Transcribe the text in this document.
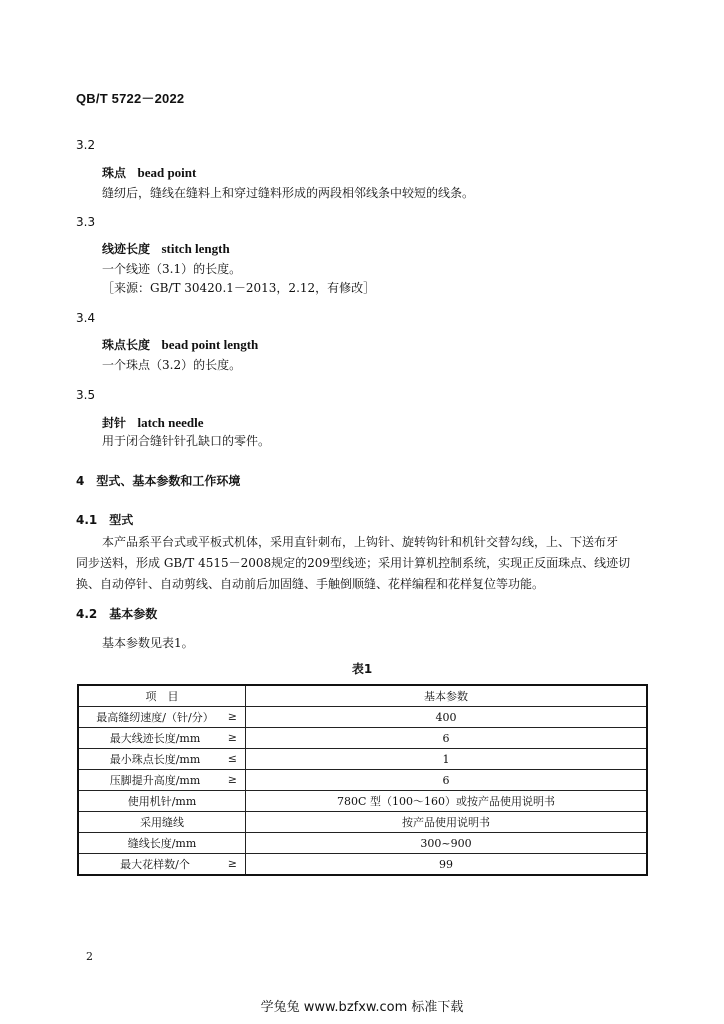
QB/T 5722－2022
3.2
珠点 bead point
缝纫后，缝线在缝料上和穿过缝料形成的两段相邻线条中较短的线条。
3.3
线迹长度 stitch length
一个线迹（3.1）的长度。
［来源：GB/T 30420.1－2013，2.12，有修改］
3.4
珠点长度 bead point length
一个珠点（3.2）的长度。
3.5
封针 latch needle
用于闭合缝针针孔缺口的零件。
4　型式、基本参数和工作环境
4.1　型式
本产品系平台式或平板式机体，采用直针刺布，上钩针、旋转钩针和机针交替勾线，上、下送布牙
同步送料，形成 GB/T 4515－2008规定的209型线迹；采用计算机控制系统，实现正反面珠点、线迹切
换、自动停针、自动剪线、自动前后加固缝、手触倒顺缝、花样编程和花样复位等功能。
4.2　基本参数
基本参数见表1。
表1
项　目	基本参数

最高缝纫速度/（针/分） ≥	400

最大线迹长度/mm ≥	6

最小珠点长度/mm ≤	1

压脚提升高度/mm ≥	6

使用机针/mm	780C 型（100～160）或按产品使用说明书

采用缝线	按产品使用说明书

缝线长度/mm	300~900

最大花样数/个 ≥	99
2
学兔兔 www.bzfxw.com 标准下载
